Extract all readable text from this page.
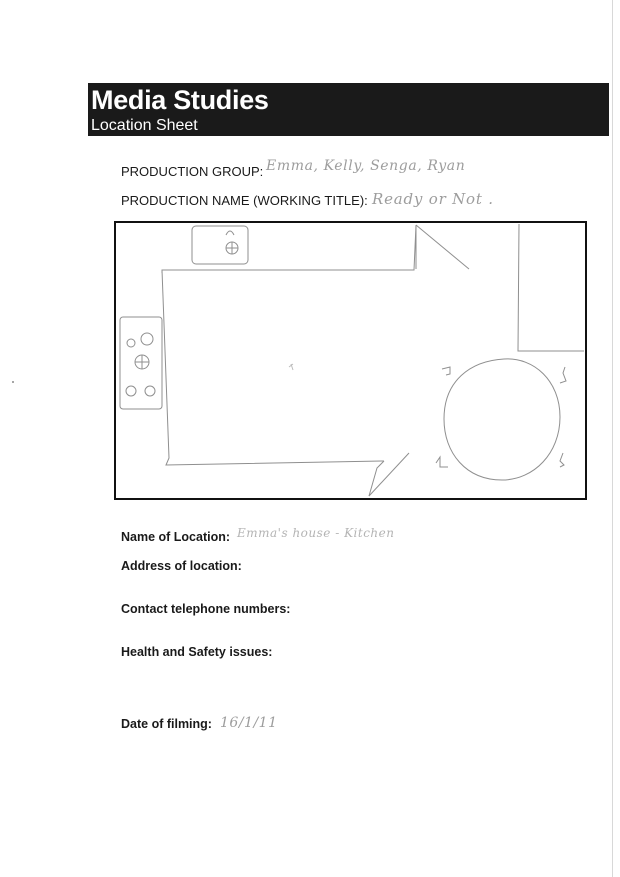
Media Studies
Location Sheet
PRODUCTION GROUP: Emma, Kelly, Senga, Ryan
PRODUCTION NAME (WORKING TITLE): Ready or Not .
Name of Location: Emma's house - Kitchen
Address of location:
Contact telephone numbers:
Health and Safety issues:
Date of filming: 16/1/11
